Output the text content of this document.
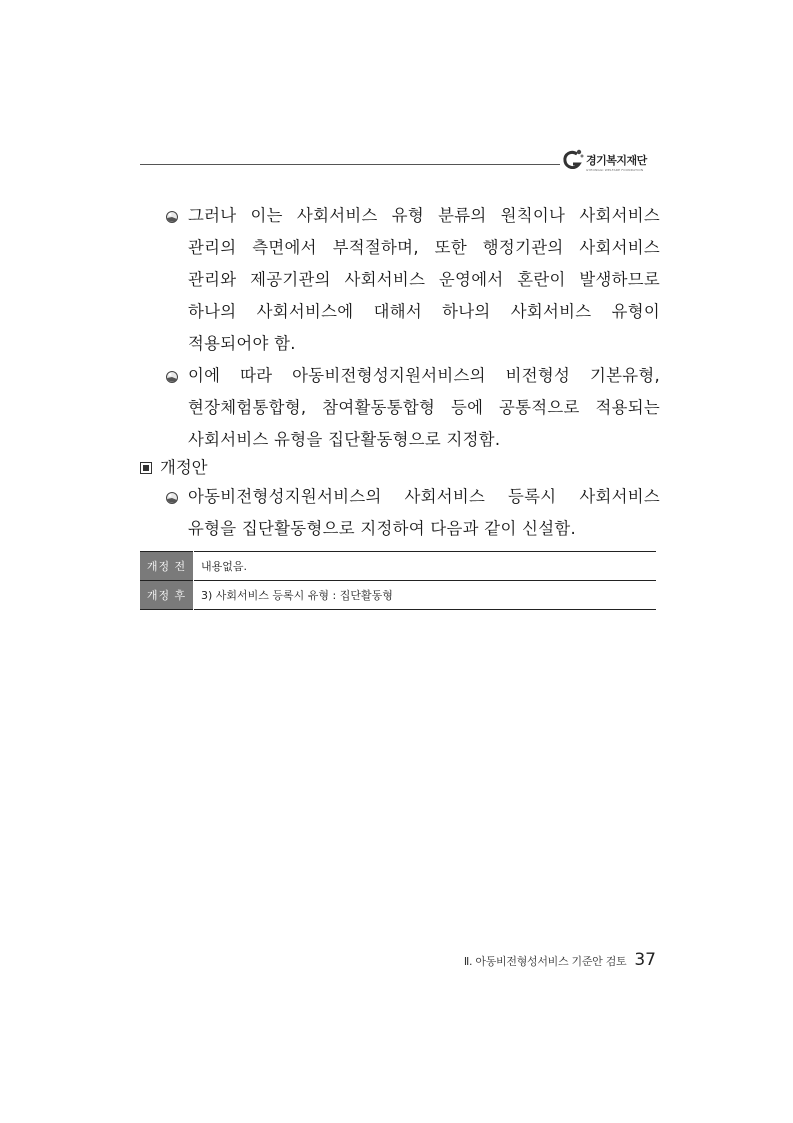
경기복지재단
GYEONGGI WELFARE FOUNDATION
그러나 이는 사회서비스 유형 분류의 원칙이나 사회서비스 관리의 측면에서 부적절하며, 또한 행정기관의 사회서비스 관리와 제공기관의 사회서비스 운영에서 혼란이 발생하므로 하나의 사회서비스에 대해서 하나의 사회서비스 유형이 적용되어야 함.
이에 따라 아동비전형성지원서비스의 비전형성 기본유형, 현장체험통합형, 참여활동통합형 등에 공통적으로 적용되는 사회서비스 유형을 집단활동형으로 지정함.
개정안
아동비전형성지원서비스의 사회서비스 등록시 사회서비스 유형을 집단활동형으로 지정하여 다음과 같이 신설함.
개정 전	내용없음.
개정 후	3) 사회서비스 등록시 유형 : 집단활동형
Ⅱ. 아동비전형성서비스 기준안 검토 37
